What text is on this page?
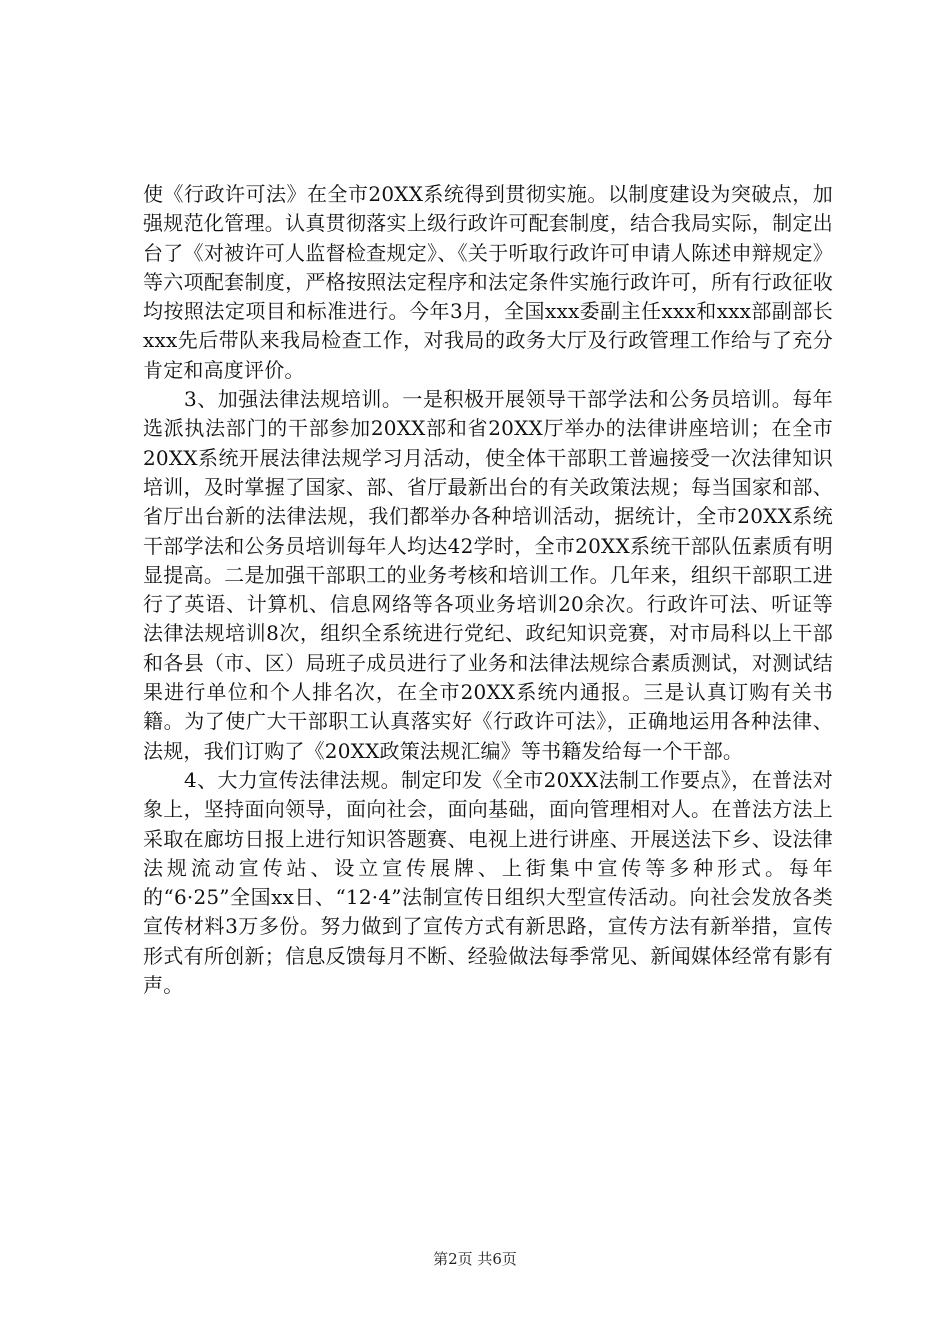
使《行政许可法》在全市20XX系统得到贯彻实施。以制度建设为突破点，加强规范化管理。认真贯彻落实上级行政许可配套制度，结合我局实际，制定出台了《对被许可人监督检查规定》、《关于听取行政许可申请人陈述申辩规定》等六项配套制度，严格按照法定程序和法定条件实施行政许可，所有行政征收均按照法定项目和标准进行。今年3月，全国xxx委副主任xxx和xxx部副部长xxx先后带队来我局检查工作，对我局的政务大厅及行政管理工作给与了充分肯定和高度评价。

3、加强法律法规培训。一是积极开展领导干部学法和公务员培训。每年选派执法部门的干部参加20XX部和省20XX厅举办的法律讲座培训；在全市20XX系统开展法律法规学习月活动，使全体干部职工普遍接受一次法律知识培训，及时掌握了国家、部、省厅最新出台的有关政策法规；每当国家和部、省厅出台新的法律法规，我们都举办各种培训活动，据统计，全市20XX系统干部学法和公务员培训每年人均达42学时，全市20XX系统干部队伍素质有明显提高。二是加强干部职工的业务考核和培训工作。几年来，组织干部职工进行了英语、计算机、信息网络等各项业务培训20余次。行政许可法、听证等法律法规培训8次，组织全系统进行党纪、政纪知识竞赛，对市局科以上干部和各县（市、区）局班子成员进行了业务和法律法规综合素质测试，对测试结果进行单位和个人排名次，在全市20XX系统内通报。三是认真订购有关书籍。为了使广大干部职工认真落实好《行政许可法》，正确地运用各种法律、法规，我们订购了《20XX政策法规汇编》等书籍发给每一个干部。

4、大力宣传法律法规。制定印发《全市20XX法制工作要点》，在普法对象上，坚持面向领导，面向社会，面向基础，面向管理相对人。在普法方法上采取在廊坊日报上进行知识答题赛、电视上进行讲座、开展送法下乡、设法律法规流动宣传站、设立宣传展牌、上街集中宣传等多种形式。每年的“6·25”全国xx日、“12·4”法制宣传日组织大型宣传活动。向社会发放各类宣传材料3万多份。努力做到了宣传方式有新思路，宣传方法有新举措，宣传形式有所创新；信息反馈每月不断、经验做法每季常见、新闻媒体经常有影有声。

第2页 共6页
